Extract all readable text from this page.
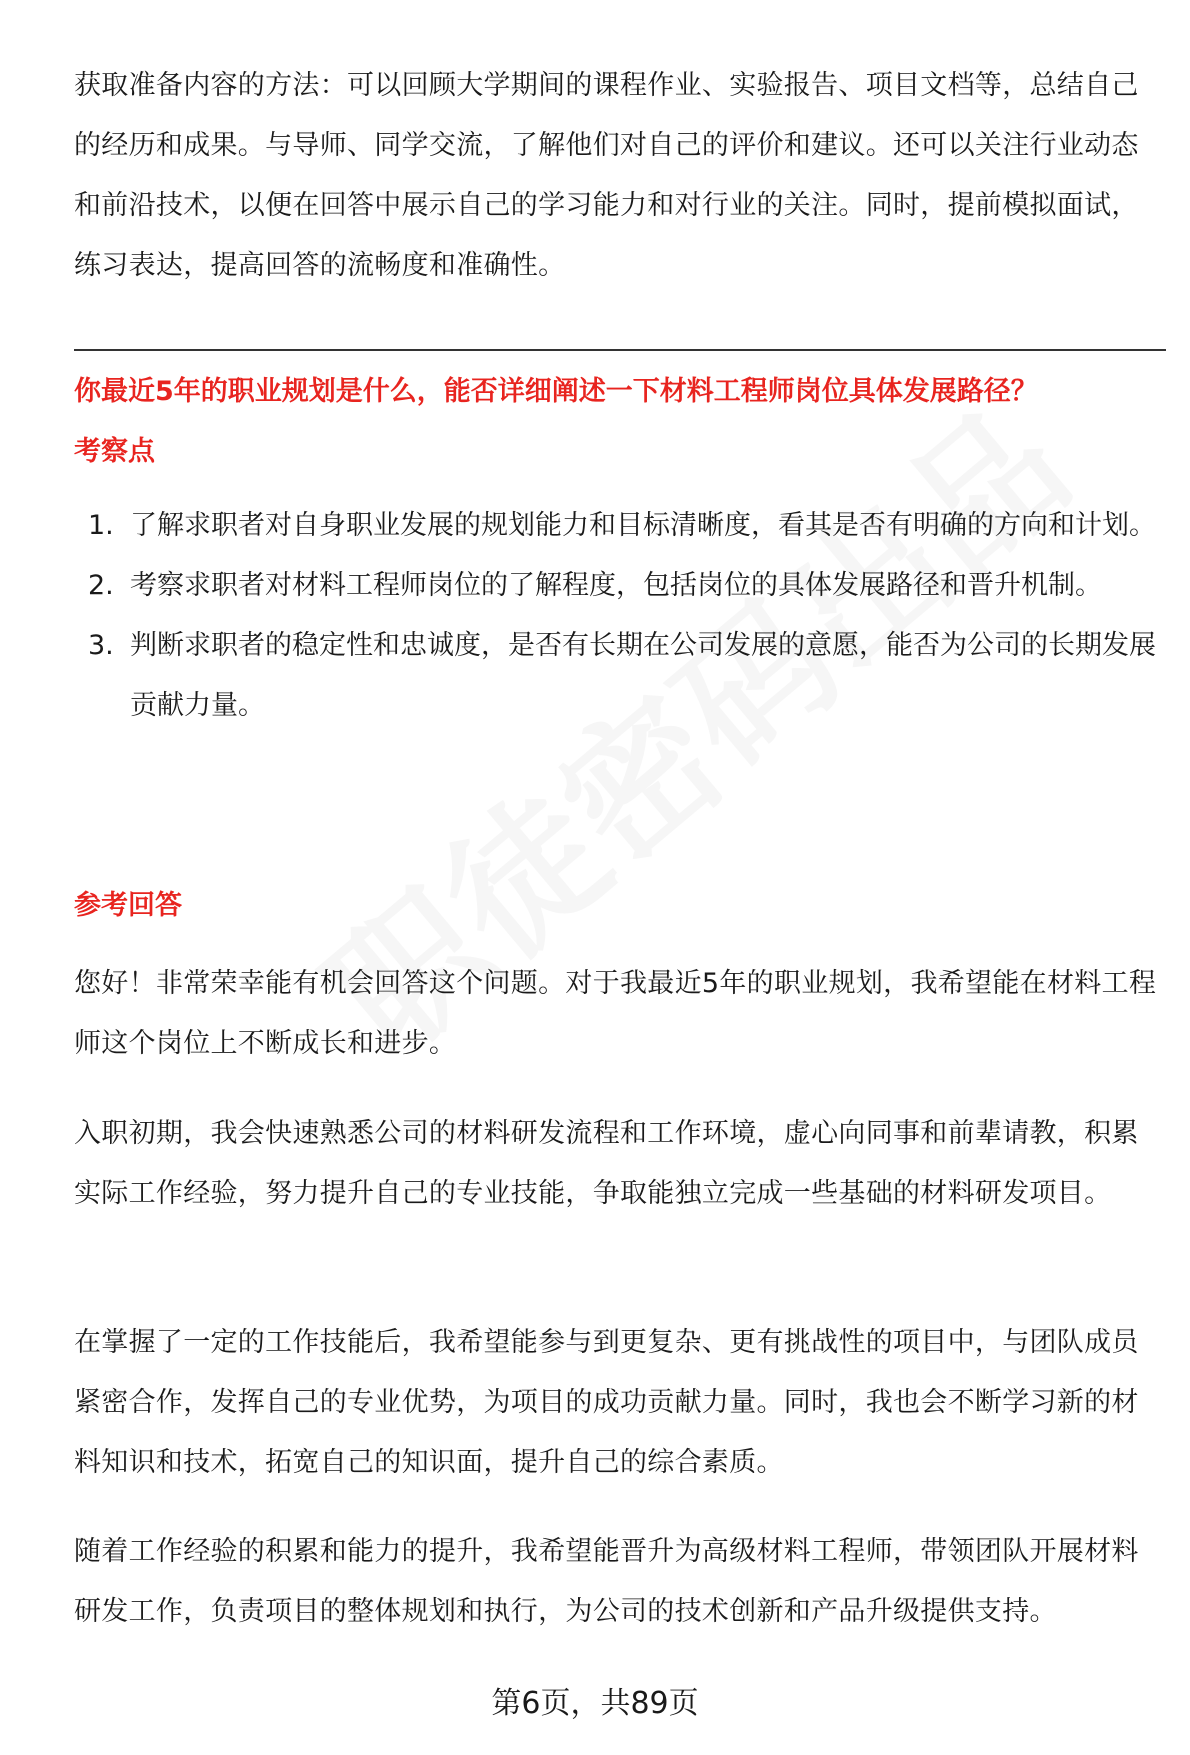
获取准备内容的方法：可以回顾大学期间的课程作业、实验报告、项目文档等，总结自己的经历和成果。与导师、同学交流，了解他们对自己的评价和建议。还可以关注行业动态和前沿技术，以便在回答中展示自己的学习能力和对行业的关注。同时，提前模拟面试，练习表达，提高回答的流畅度和准确性。

你最近5年的职业规划是什么，能否详细阐述一下材料工程师岗位具体发展路径？

考察点

1. 了解求职者对自身职业发展的规划能力和目标清晰度，看其是否有明确的方向和计划。
2. 考察求职者对材料工程师岗位的了解程度，包括岗位的具体发展路径和晋升机制。
3. 判断求职者的稳定性和忠诚度，是否有长期在公司发展的意愿，能否为公司的长期发展贡献力量。

参考回答

您好！非常荣幸能有机会回答这个问题。对于我最近5年的职业规划，我希望能在材料工程师这个岗位上不断成长和进步。

入职初期，我会快速熟悉公司的材料研发流程和工作环境，虚心向同事和前辈请教，积累实际工作经验，努力提升自己的专业技能，争取能独立完成一些基础的材料研发项目。

在掌握了一定的工作技能后，我希望能参与到更复杂、更有挑战性的项目中，与团队成员紧密合作，发挥自己的专业优势，为项目的成功贡献力量。同时，我也会不断学习新的材料知识和技术，拓宽自己的知识面，提升自己的综合素质。

随着工作经验的积累和能力的提升，我希望能晋升为高级材料工程师，带领团队开展材料研发工作，负责项目的整体规划和执行，为公司的技术创新和产品升级提供支持。

第6页，共89页
